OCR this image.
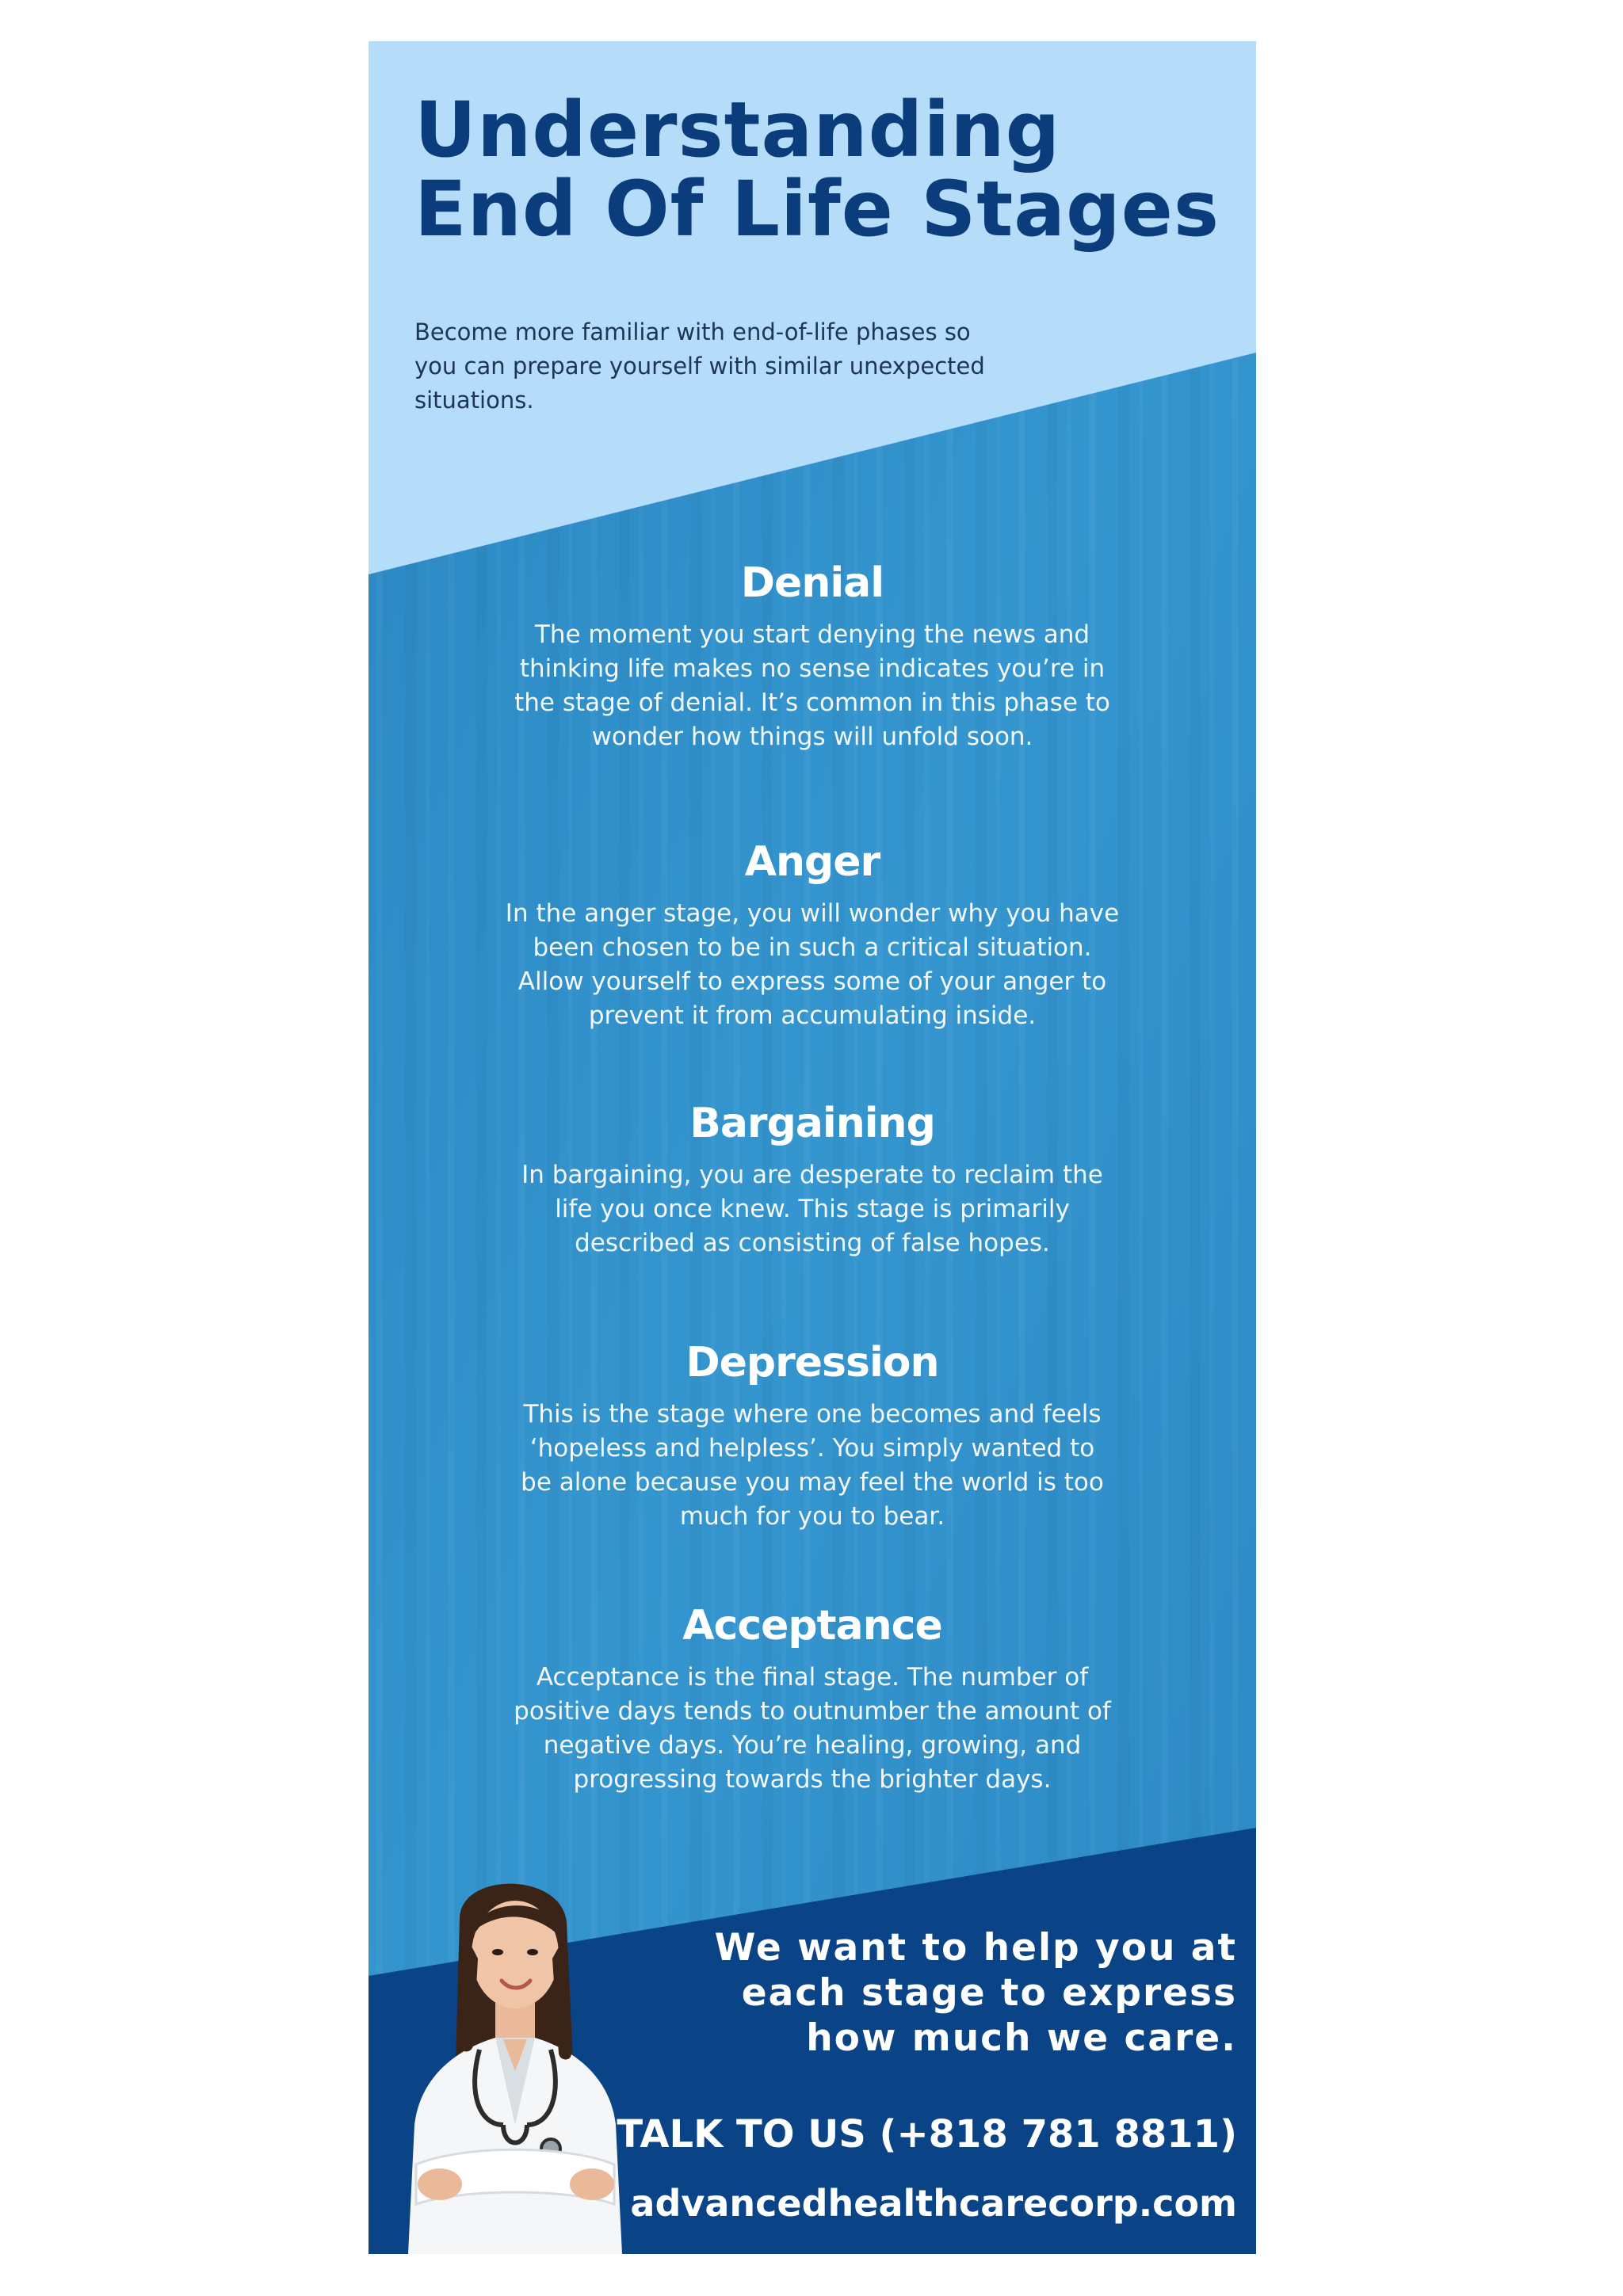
Understanding
End Of Life Stages

Become more familiar with end-of-life phases so
you can prepare yourself with similar unexpected
situations.

Denial

The moment you start denying the news and
thinking life makes no sense indicates you’re in
the stage of denial. It’s common in this phase to
wonder how things will unfold soon.

Anger

In the anger stage, you will wonder why you have
been chosen to be in such a critical situation.
Allow yourself to express some of your anger to
prevent it from accumulating inside.

Bargaining

In bargaining, you are desperate to reclaim the
life you once knew. This stage is primarily
described as consisting of false hopes.

Depression

This is the stage where one becomes and feels
‘hopeless and helpless’. You simply wanted to
be alone because you may feel the world is too
much for you to bear.

Acceptance

Acceptance is the final stage. The number of
positive days tends to outnumber the amount of
negative days. You’re healing, growing, and
progressing towards the brighter days.

We want to help you at
each stage to express
how much we care.

TALK TO US (+818 781 8811)

advancedhealthcarecorp.com
